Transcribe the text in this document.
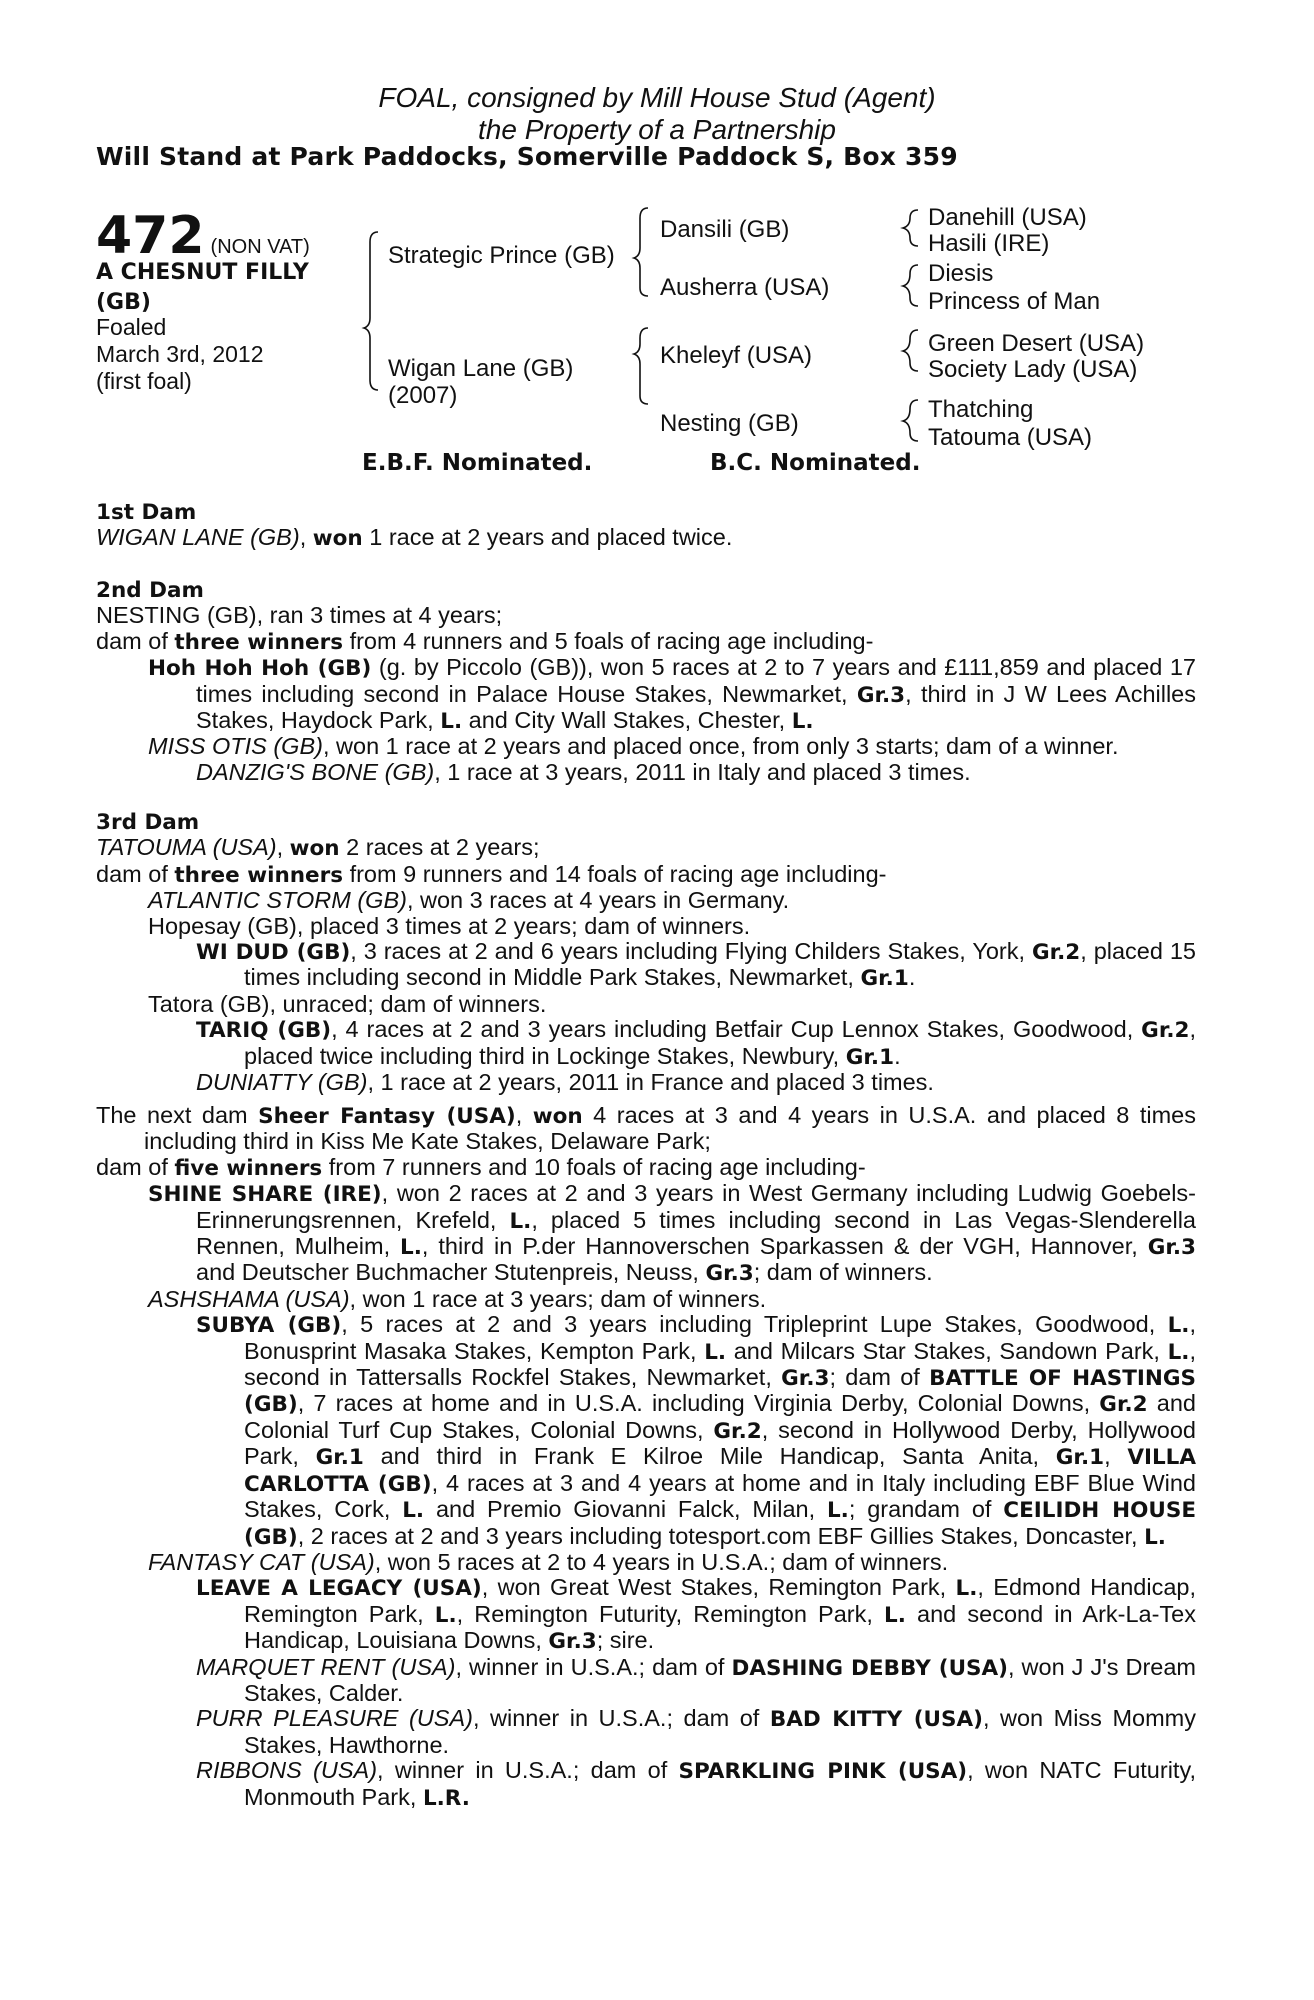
FOAL, consigned by Mill House Stud (Agent)
the Property of a Partnership
Will Stand at Park Paddocks, Somerville Paddock S, Box 359
472 (NON VAT)
A CHESNUT FILLY
(GB)
Foaled
March 3rd, 2012
(first foal)
Strategic Prince (GB)
Wigan Lane (GB)
(2007)
Dansili (GB)
Ausherra (USA)
Kheleyf (USA)
Nesting (GB)
Danehill (USA)
Hasili (IRE)
Diesis
Princess of Man
Green Desert (USA)
Society Lady (USA)
Thatching
Tatouma (USA)
E.B.F. Nominated.	B.C. Nominated.

1st Dam

WIGAN LANE (GB), won 1 race at 2 years and placed twice.

2nd Dam

NESTING (GB), ran 3 times at 4 years;

dam of three winners from 4 runners and 5 foals of racing age including-

Hoh Hoh Hoh (GB) (g. by Piccolo (GB)), won 5 races at 2 to 7 years and £111,859 and placed 17 times including second in Palace House Stakes, Newmarket, Gr.3, third in J W Lees Achilles Stakes, Haydock Park, L. and City Wall Stakes, Chester, L.

MISS OTIS (GB), won 1 race at 2 years and placed once, from only 3 starts; dam of a winner.

DANZIG'S BONE (GB), 1 race at 3 years, 2011 in Italy and placed 3 times.

3rd Dam

TATOUMA (USA), won 2 races at 2 years;

dam of three winners from 9 runners and 14 foals of racing age including-

ATLANTIC STORM (GB), won 3 races at 4 years in Germany.

Hopesay (GB), placed 3 times at 2 years; dam of winners.

WI DUD (GB), 3 races at 2 and 6 years including Flying Childers Stakes, York, Gr.2, placed 15 times including second in Middle Park Stakes, Newmarket, Gr.1.

Tatora (GB), unraced; dam of winners.

TARIQ (GB), 4 races at 2 and 3 years including Betfair Cup Lennox Stakes, Goodwood, Gr.2, placed twice including third in Lockinge Stakes, Newbury, Gr.1.

DUNIATTY (GB), 1 race at 2 years, 2011 in France and placed 3 times.

The next dam Sheer Fantasy (USA), won 4 races at 3 and 4 years in U.S.A. and placed 8 times including third in Kiss Me Kate Stakes, Delaware Park;

dam of five winners from 7 runners and 10 foals of racing age including-

SHINE SHARE (IRE), won 2 races at 2 and 3 years in West Germany including Ludwig Goebels-Erinnerungsrennen, Krefeld, L., placed 5 times including second in Las Vegas-Slenderella Rennen, Mulheim, L., third in P.der Hannoverschen Sparkassen & der VGH, Hannover, Gr.3 and Deutscher Buchmacher Stutenpreis, Neuss, Gr.3; dam of winners.

ASHSHAMA (USA), won 1 race at 3 years; dam of winners.

SUBYA (GB), 5 races at 2 and 3 years including Tripleprint Lupe Stakes, Goodwood, L., Bonusprint Masaka Stakes, Kempton Park, L. and Milcars Star Stakes, Sandown Park, L., second in Tattersalls Rockfel Stakes, Newmarket, Gr.3; dam of BATTLE OF HASTINGS (GB), 7 races at home and in U.S.A. including Virginia Derby, Colonial Downs, Gr.2 and Colonial Turf Cup Stakes, Colonial Downs, Gr.2, second in Hollywood Derby, Hollywood Park, Gr.1 and third in Frank E Kilroe Mile Handicap, Santa Anita, Gr.1, VILLA CARLOTTA (GB), 4 races at 3 and 4 years at home and in Italy including EBF Blue Wind Stakes, Cork, L. and Premio Giovanni Falck, Milan, L.; grandam of CEILIDH HOUSE (GB), 2 races at 2 and 3 years including totesport.com EBF Gillies Stakes, Doncaster, L.

FANTASY CAT (USA), won 5 races at 2 to 4 years in U.S.A.; dam of winners.

LEAVE A LEGACY (USA), won Great West Stakes, Remington Park, L., Edmond Handicap, Remington Park, L., Remington Futurity, Remington Park, L. and second in Ark-La-Tex Handicap, Louisiana Downs, Gr.3; sire.

MARQUET RENT (USA), winner in U.S.A.; dam of DASHING DEBBY (USA), won J J's Dream Stakes, Calder.

PURR PLEASURE (USA), winner in U.S.A.; dam of BAD KITTY (USA), won Miss Mommy Stakes, Hawthorne.

RIBBONS (USA), winner in U.S.A.; dam of SPARKLING PINK (USA), won NATC Futurity, Monmouth Park, L.R.
